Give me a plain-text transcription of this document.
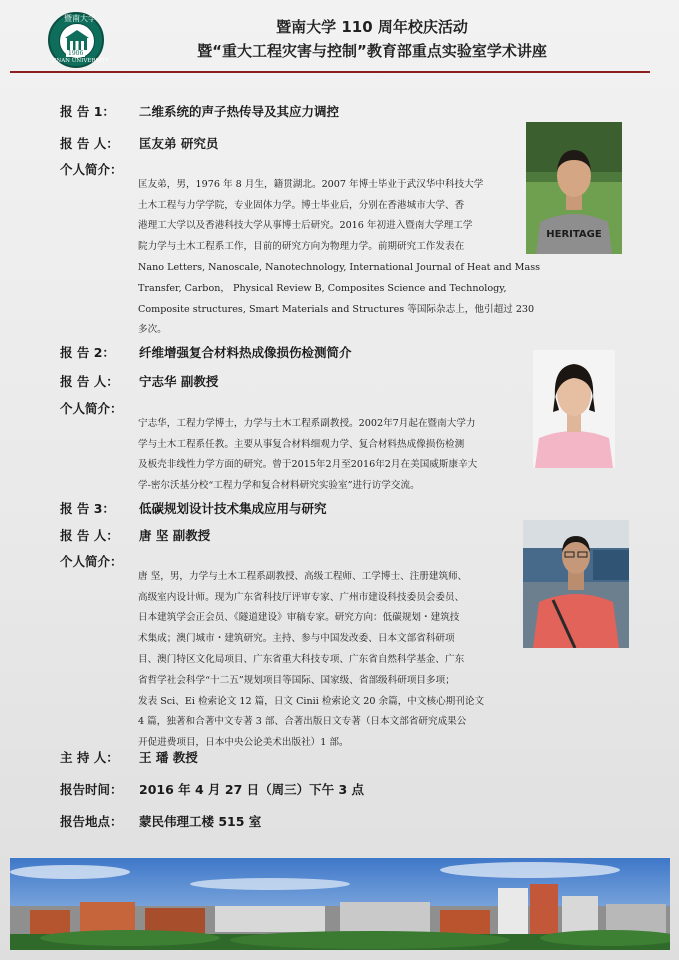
暨南大学
JINAN UNIVERSITY
1906
暨南大学 110 周年校庆活动
暨“重大工程灾害与控制”教育部重点实验室学术讲座
报 告 1： 二维系统的声子热传导及其应力调控
报 告 人： 匡友弟 研究员
个人简介：

匡友弟，男，1976 年 8 月生，籍贯湖北。2007 年博士毕业于武汉华中科技大学
土木工程与力学学院，专业固体力学。博士毕业后，分别在香港城市大学、香
港理工大学以及香港科技大学从事博士后研究。2016 年初进入暨南大学理工学
院力学与土木工程系工作，目前的研究方向为物理力学。前期研究工作发表在
Nano Letters, Nanoscale, Nanotechnology, International Journal of Heat and Mass
Transfer, Carbon， Physical Review B, Composites Science and Technology,
Composite structures, Smart Materials and Structures 等国际杂志上，他引超过 230
多次。

HERITAGE
报 告 2： 纤维增强复合材料热成像损伤检测简介
报 告 人： 宁志华 副教授
个人简介：

宁志华，工程力学博士，力学与土木工程系副教授。2002年7月起在暨南大学力
学与土木工程系任教。主要从事复合材料细观力学、复合材料热成像损伤检测
及板壳非线性力学方面的研究。曾于2015年2月至2016年2月在美国威斯康辛大
学-密尔沃基分校“工程力学和复合材料研究实验室”进行访学交流。

报 告 3： 低碳规划设计技术集成应用与研究
报 告 人： 唐 坚 副教授
个人简介：

唐 坚，男，力学与土木工程系副教授、高级工程师、工学博士、注册建筑师、
高级室内设计师。现为广东省科技厅评审专家、广州市建设科技委员会委员、
日本建筑学会正会员、《隧道建设》审稿专家。研究方向：低碳规划・建筑技
术集成；澳门城市・建筑研究。主持、参与中国发改委、日本文部省科研项
目、澳门特区文化局项目、广东省重大科技专项、广东省自然科学基金、广东
省哲学社会科学“十二五”规划项目等国际、国家级、省部级科研项目多项；
发表 Sci、Ei 检索论文 12 篇，日文 Cinii 检索论文 20 余篇，中文核心期刊论文
4 篇，独著和合著中文专著 3 部、合著出版日文专著（日本文部省研究成果公
开促进费项目，日本中央公论美术出版社）1 部。

主 持 人： 王 璠 教授
报告时间： 2016 年 4 月 27 日（周三）下午 3 点
报告地点： 蒙民伟理工楼 515 室
